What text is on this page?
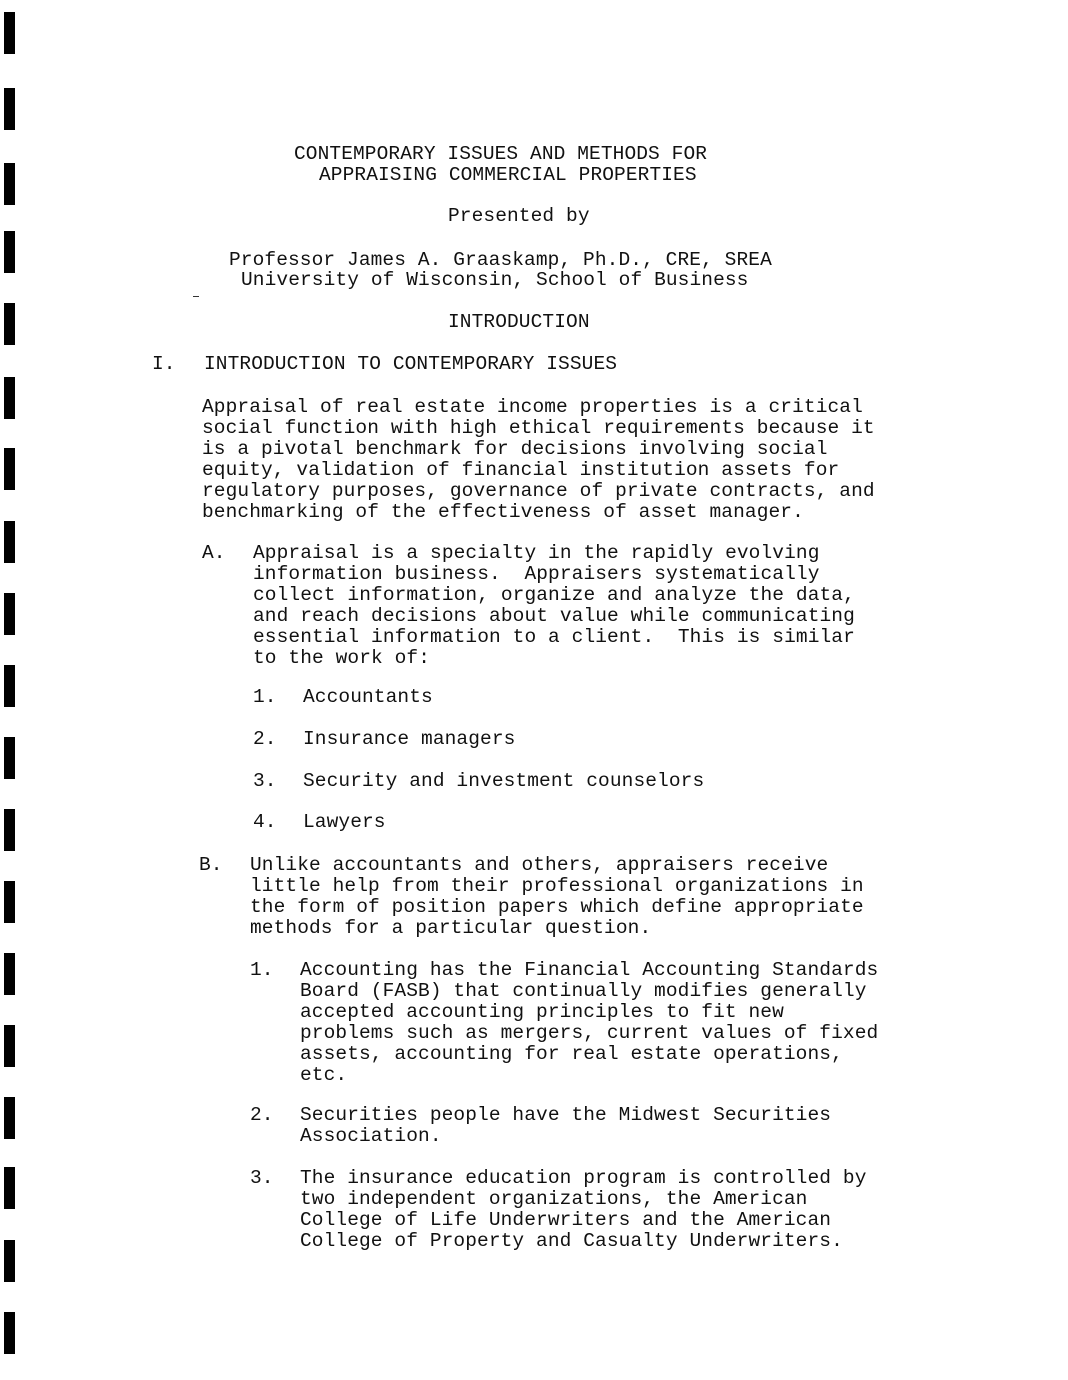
CONTEMPORARY ISSUES AND METHODS FOR
APPRAISING COMMERCIAL PROPERTIES
Presented by
Professor James A. Graaskamp, Ph.D., CRE, SREA
University of Wisconsin, School of Business
INTRODUCTION
I. INTRODUCTION TO CONTEMPORARY ISSUES
Appraisal of real estate income properties is a critical
social function with high ethical requirements because it
is a pivotal benchmark for decisions involving social
equity, validation of financial institution assets for
regulatory purposes, governance of private contracts, and
benchmarking of the effectiveness of asset manager.
A. Appraisal is a specialty in the rapidly evolving
information business.  Appraisers systematically
collect information, organize and analyze the data,
and reach decisions about value while communicating
essential information to a client.  This is similar
to the work of:
1. Accountants
2. Insurance managers
3. Security and investment counselors
4. Lawyers
B. Unlike accountants and others, appraisers receive
little help from their professional organizations in
the form of position papers which define appropriate
methods for a particular question.
1. Accounting has the Financial Accounting Standards
Board (FASB) that continually modifies generally
accepted accounting principles to fit new
problems such as mergers, current values of fixed
assets, accounting for real estate operations,
etc.
2. Securities people have the Midwest Securities
Association.
3. The insurance education program is controlled by
two independent organizations, the American
College of Life Underwriters and the American
College of Property and Casualty Underwriters.
